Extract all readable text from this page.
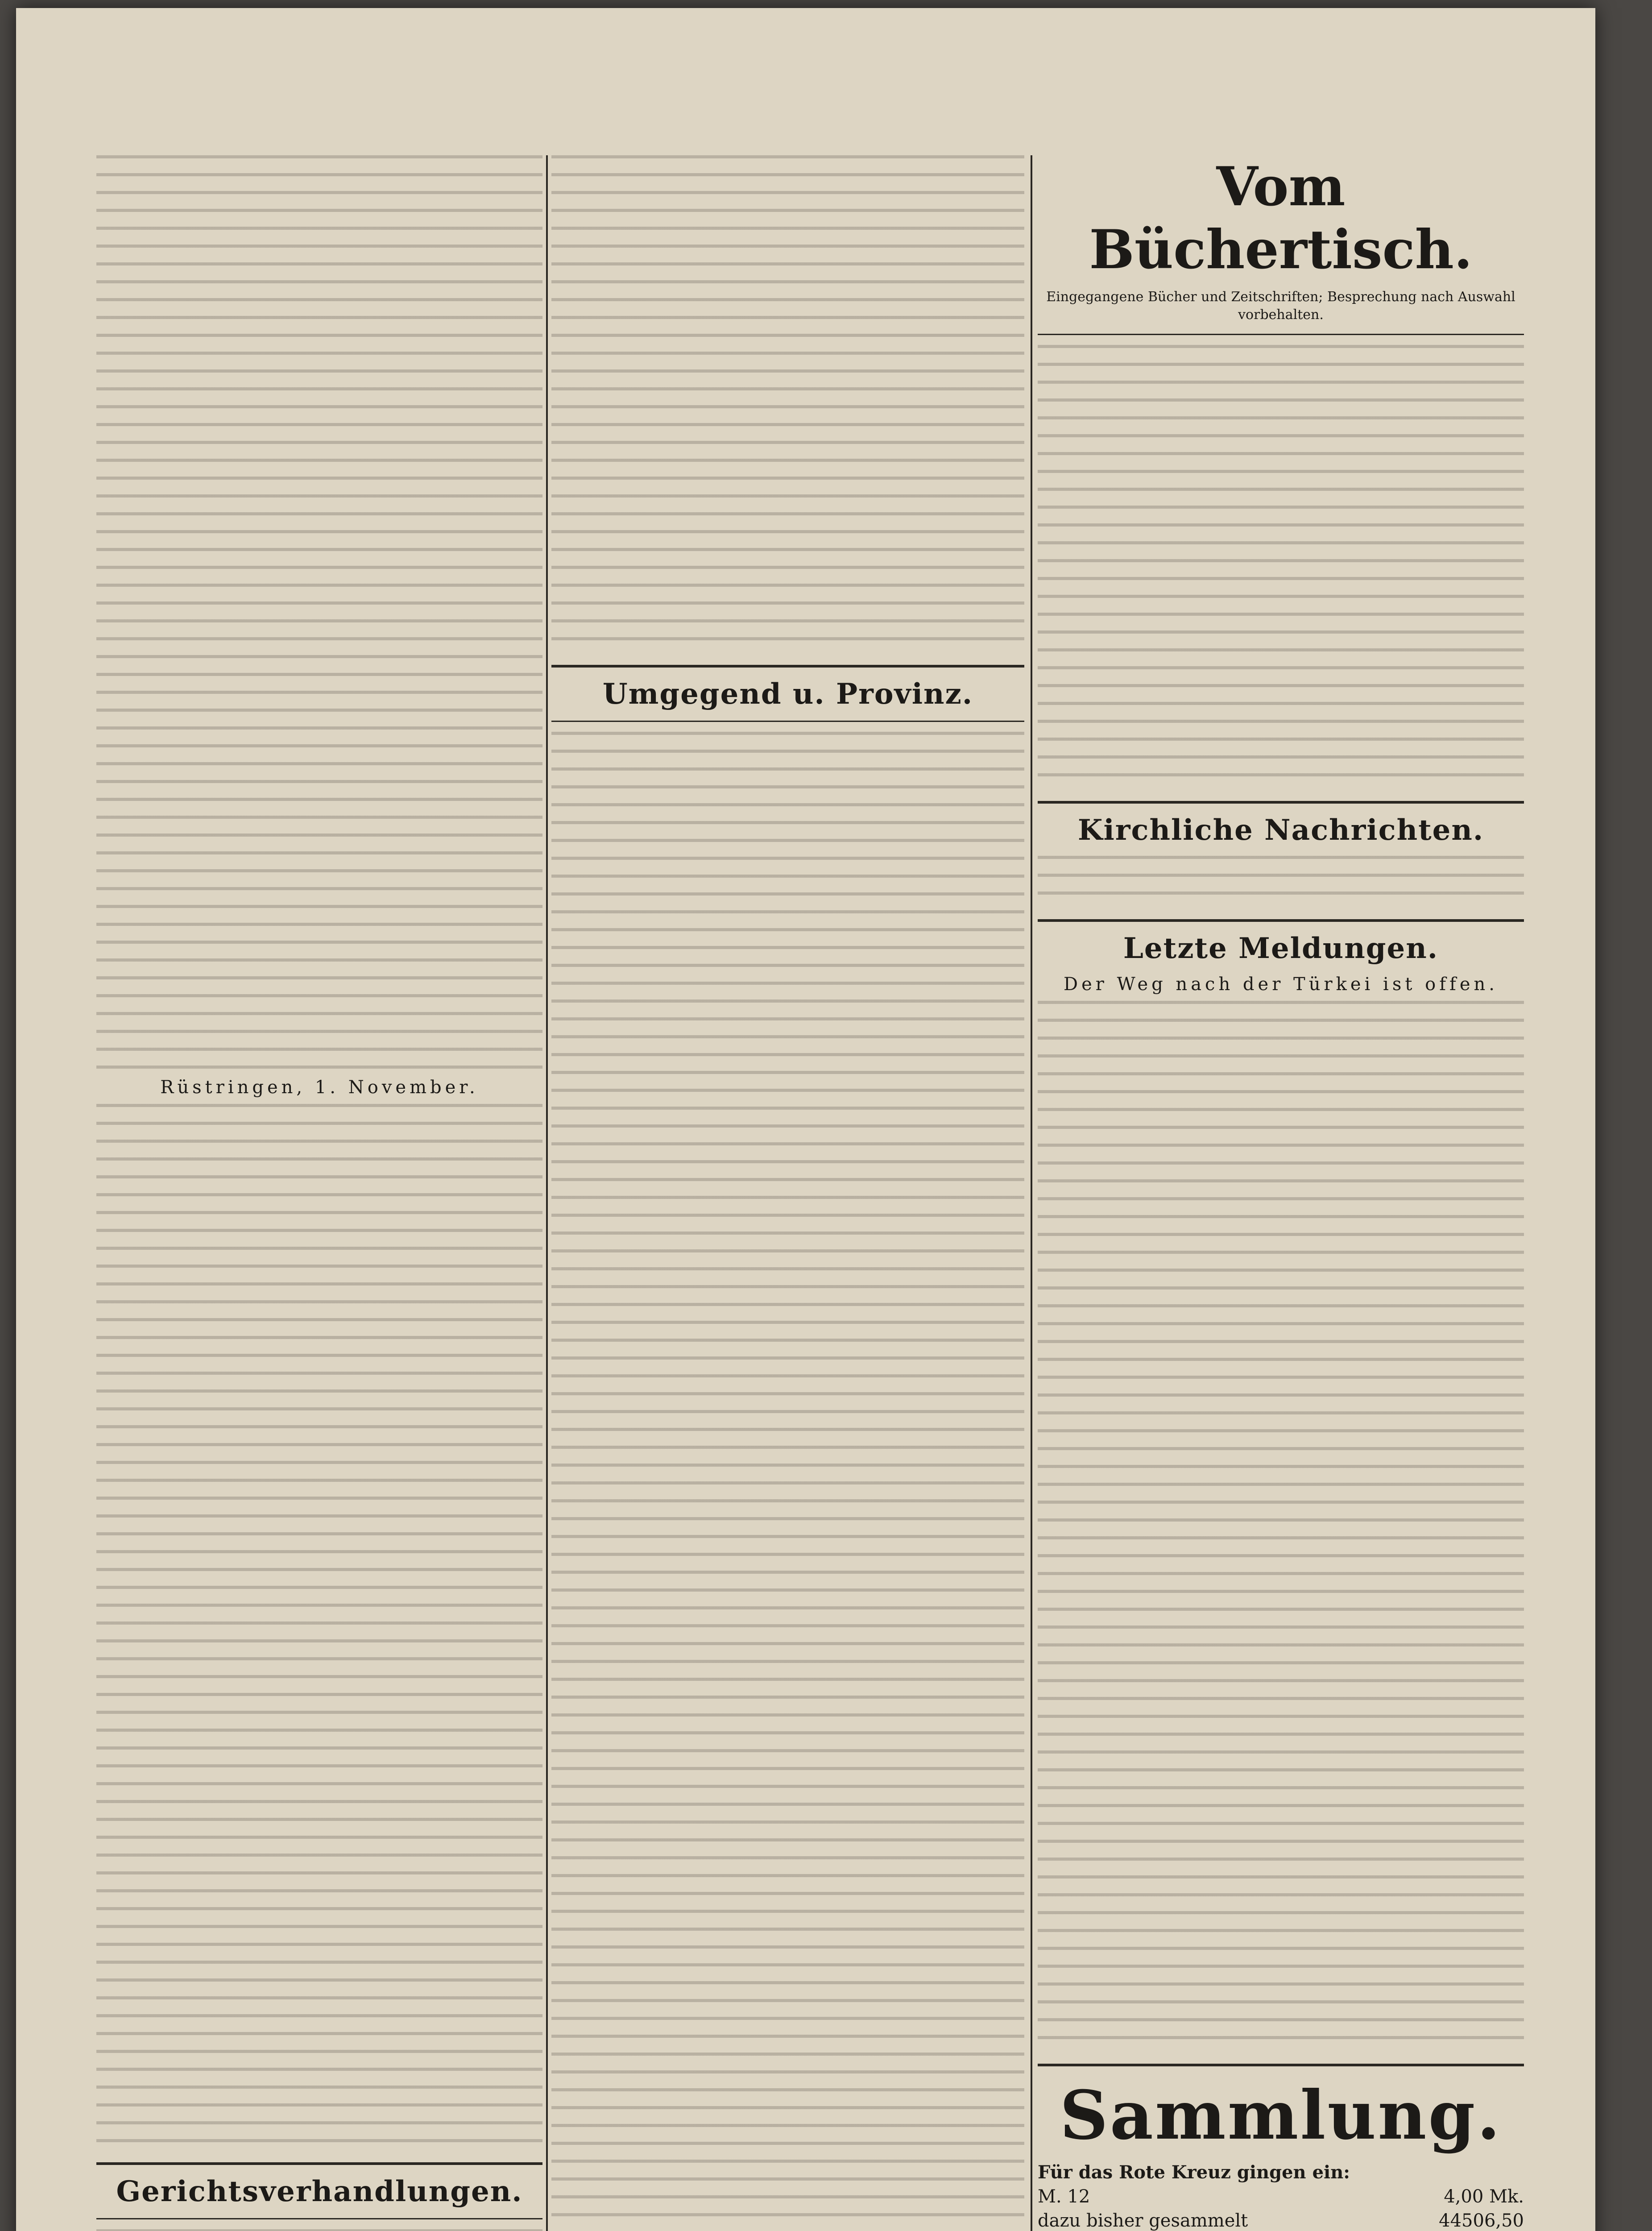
Rüstringen, 1. November.
Gerichtsverhandlungen.
Umgegend u. Provinz.
Vom Büchertisch.
Eingegangene Bücher und Zeitschriften; Besprechung nach Auswahl vorbehalten.
Kirchliche Nachrichten.
Letzte Meldungen.
Der Weg nach der Türkei ist offen.
Sammlung.
Für das Rote Kreuz gingen ein:
M. 12	4,00 Mk.
dazu bisher gesammelt	44506,50
